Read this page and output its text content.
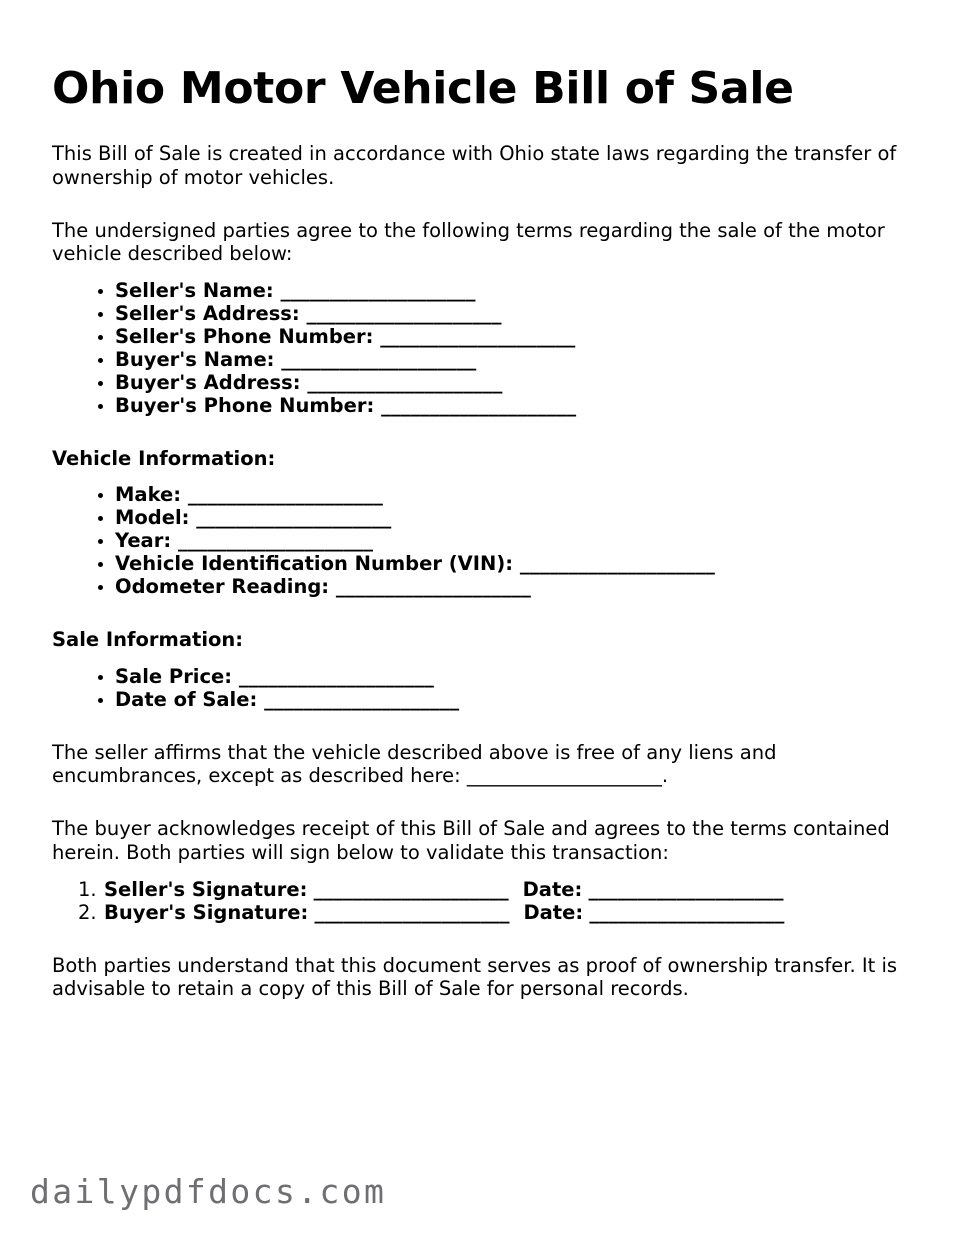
Ohio Motor Vehicle Bill of Sale

This Bill of Sale is created in accordance with Ohio state laws regarding the transfer of ownership of motor vehicles.

The undersigned parties agree to the following terms regarding the sale of the motor vehicle described below:

Seller's Name: ____________________
Seller's Address: ____________________
Seller's Phone Number: ____________________
Buyer's Name: ____________________
Buyer's Address: ____________________
Buyer's Phone Number: ____________________
Vehicle Information:
Make: ____________________
Model: ____________________
Year: ____________________
Vehicle Identification Number (VIN): ____________________
Odometer Reading: ____________________
Sale Information:
Sale Price: ____________________
Date of Sale: ____________________

The seller affirms that the vehicle described above is free of any liens and encumbrances, except as described here: ____________________.

The buyer acknowledges receipt of this Bill of Sale and agrees to the terms contained herein. Both parties will sign below to validate this transaction:

Seller's Signature: ____________________ Date: ____________________
Buyer's Signature: ____________________ Date: ____________________

Both parties understand that this document serves as proof of ownership transfer. It is advisable to retain a copy of this Bill of Sale for personal records.

dailypdfdocs.com
